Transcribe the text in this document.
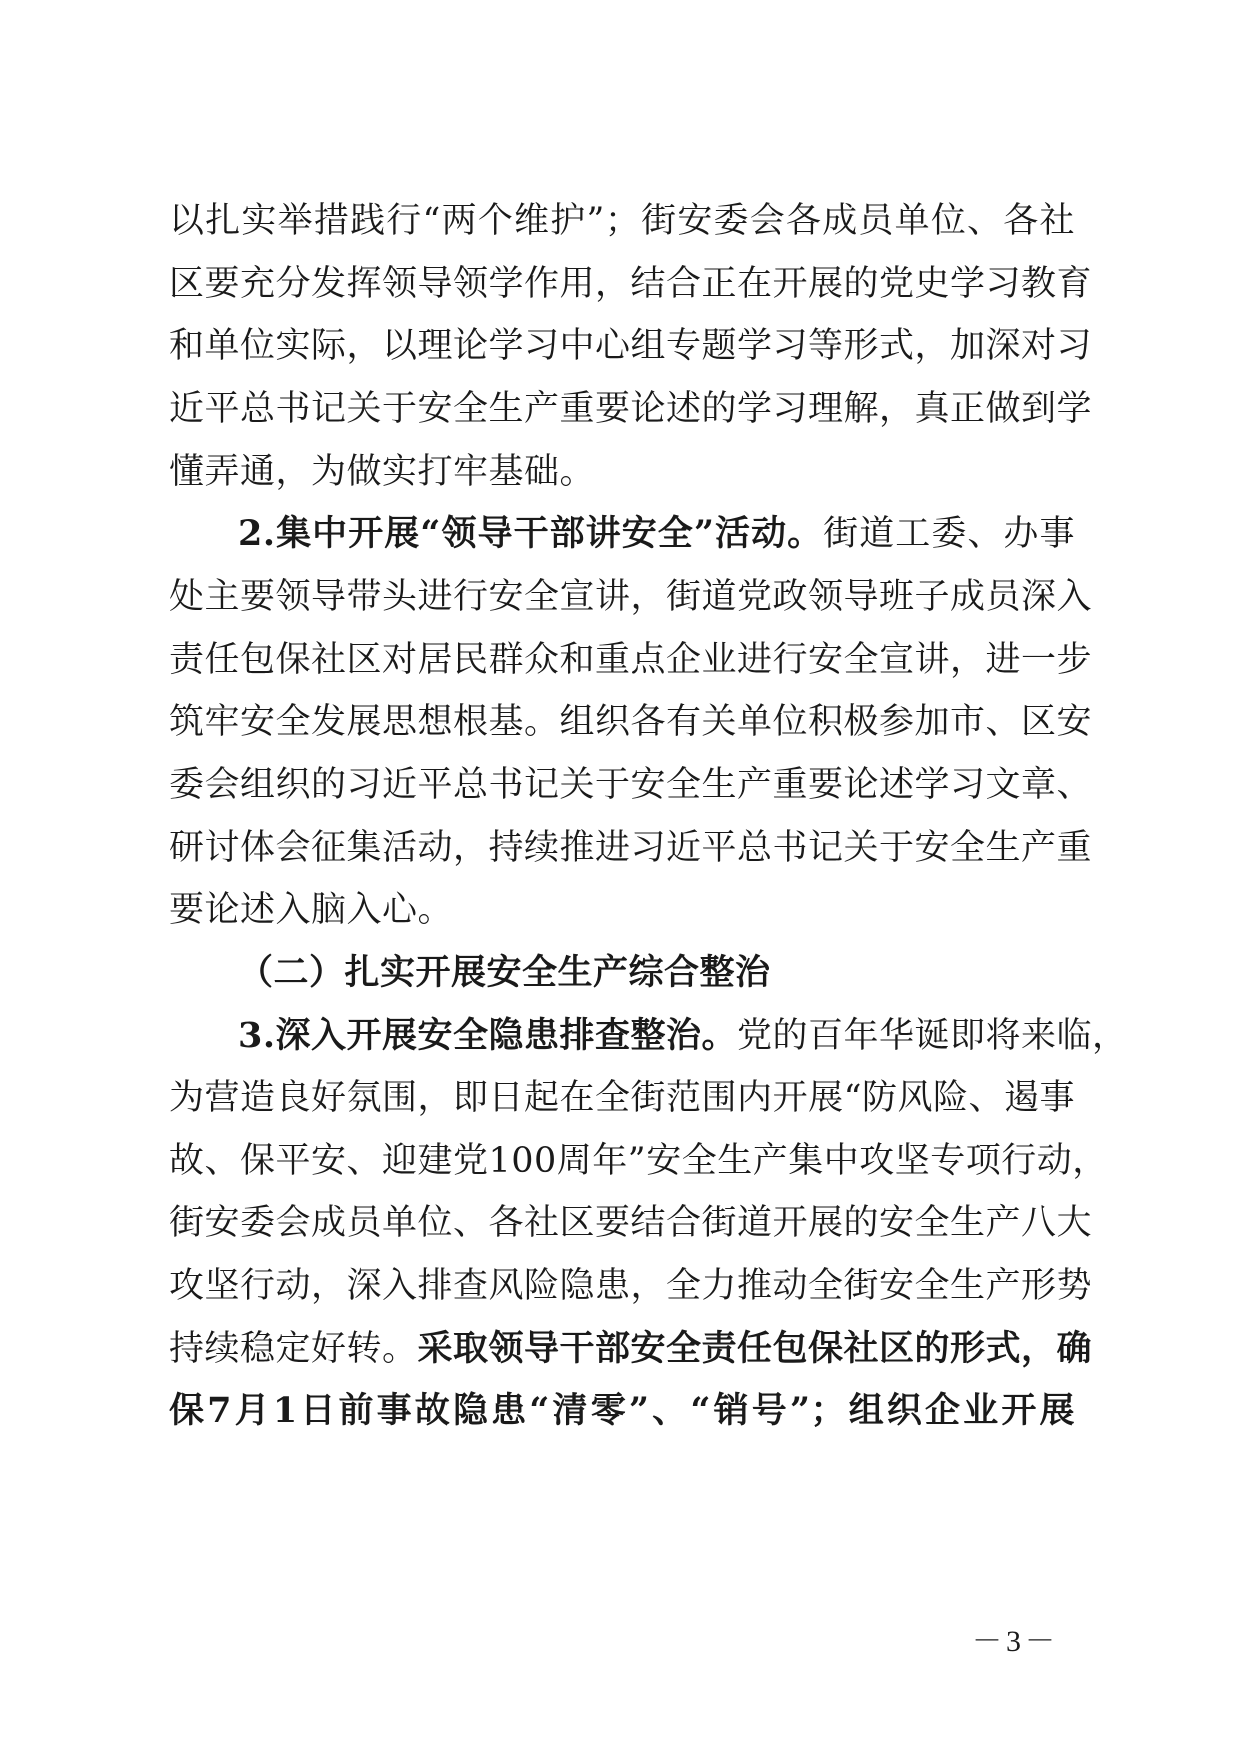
以扎实举措践行“两个维护”；街安委会各成员单位、各社
区要充分发挥领导领学作用，结合正在开展的党史学习教育
和单位实际，以理论学习中心组专题学习等形式，加深对习
近平总书记关于安全生产重要论述的学习理解，真正做到学
懂弄通，为做实打牢基础。
2.集中开展“领导干部讲安全”活动。街道工委、办事
处主要领导带头进行安全宣讲，街道党政领导班子成员深入
责任包保社区对居民群众和重点企业进行安全宣讲，进一步
筑牢安全发展思想根基。组织各有关单位积极参加市、区安
委会组织的习近平总书记关于安全生产重要论述学习文章、
研讨体会征集活动，持续推进习近平总书记关于安全生产重
要论述入脑入心。
（二）扎实开展安全生产综合整治
3.深入开展安全隐患排查整治。党的百年华诞即将来临，
为营造良好氛围，即日起在全街范围内开展“防风险、遏事
故、保平安、迎建党100周年”安全生产集中攻坚专项行动，
街安委会成员单位、各社区要结合街道开展的安全生产八大
攻坚行动，深入排查风险隐患，全力推动全街安全生产形势
持续稳定好转。采取领导干部安全责任包保社区的形式，确
保7月1日前事故隐患“清零”、“销号”；组织企业开展
－3－
